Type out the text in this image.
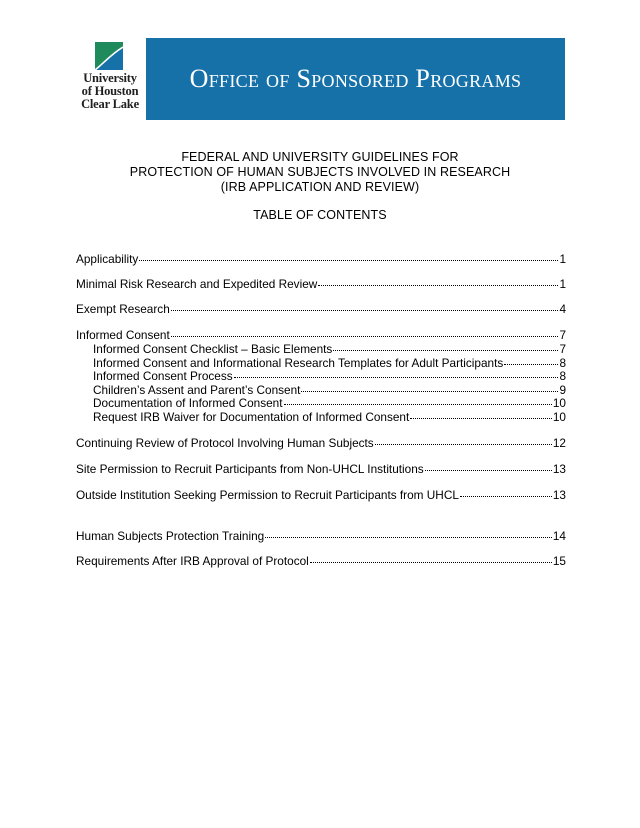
University
of Houston
Clear Lake
Office of Sponsored Programs
FEDERAL AND UNIVERSITY GUIDELINES FOR
PROTECTION OF HUMAN SUBJECTS INVOLVED IN RESEARCH
(IRB APPLICATION AND REVIEW)
TABLE OF CONTENTS
Applicability	1
Minimal Risk Research and Expedited Review	1
Exempt Research	4
Informed Consent	7
Informed Consent Checklist – Basic Elements	7
Informed Consent and Informational Research Templates for Adult Participants	8
Informed Consent Process	8
Children’s Assent and Parent’s Consent	9
Documentation of Informed Consent	10
Request IRB Waiver for Documentation of Informed Consent	10
Continuing Review of Protocol Involving Human Subjects	12
Site Permission to Recruit Participants from Non-UHCL Institutions	13
Outside Institution Seeking Permission to Recruit Participants from UHCL	13
Human Subjects Protection Training	14
Requirements After IRB Approval of Protocol	15
